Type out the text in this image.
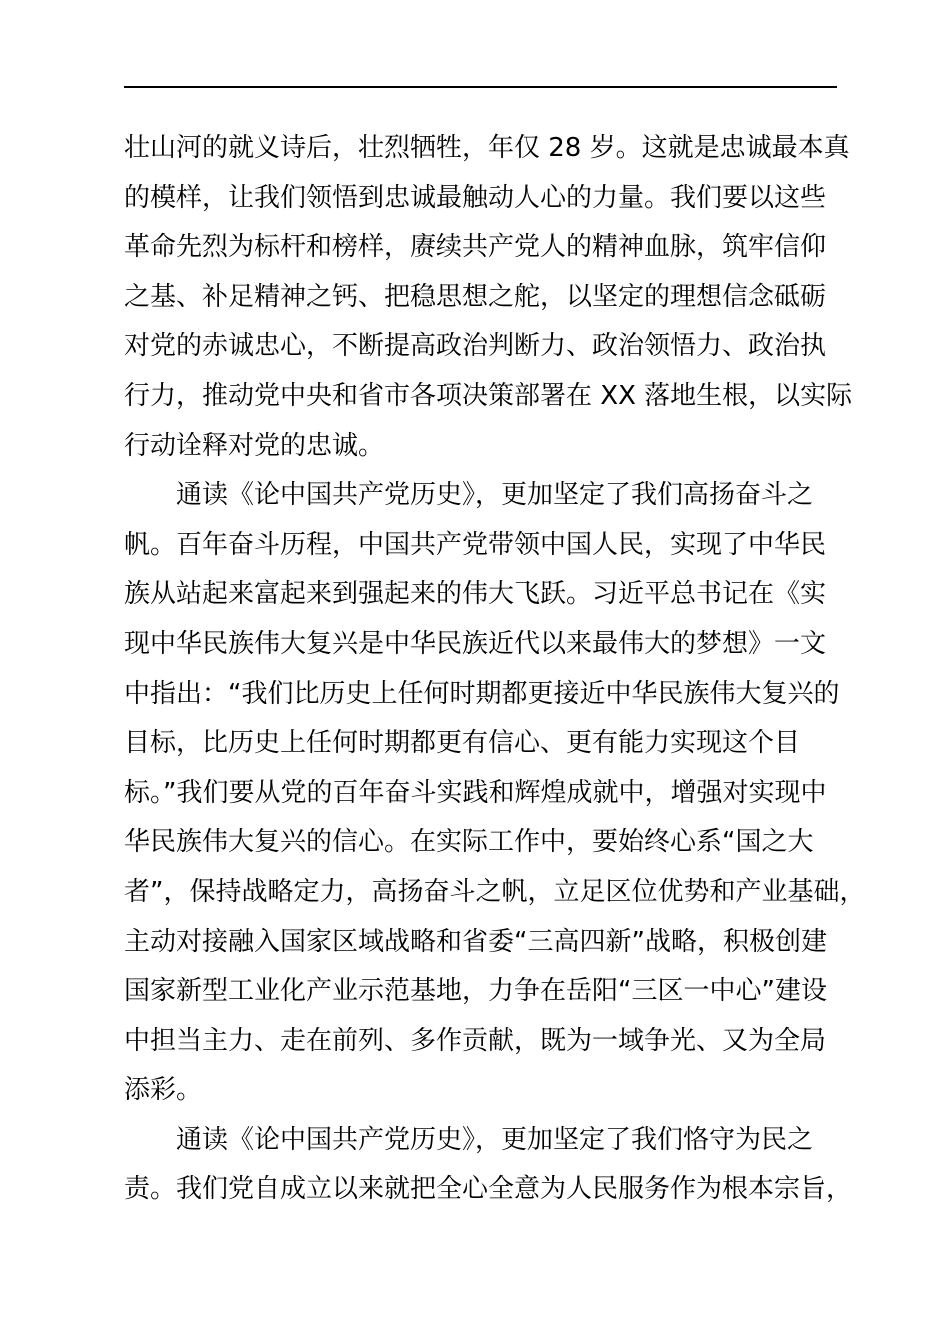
壮山河的就义诗后，壮烈牺牲，年仅 28 岁。这就是忠诚最本真
的模样，让我们领悟到忠诚最触动人心的力量。我们要以这些
革命先烈为标杆和榜样，赓续共产党人的精神血脉，筑牢信仰
之基、补足精神之钙、把稳思想之舵，以坚定的理想信念砥砺
对党的赤诚忠心，不断提高政治判断力、政治领悟力、政治执
行力，推动党中央和省市各项决策部署在 XX 落地生根，以实际
行动诠释对党的忠诚。
　　通读《论中国共产党历史》，更加坚定了我们高扬奋斗之
帆。百年奋斗历程，中国共产党带领中国人民，实现了中华民
族从站起来富起来到强起来的伟大飞跃。习近平总书记在《实
现中华民族伟大复兴是中华民族近代以来最伟大的梦想》一文
中指出：“我们比历史上任何时期都更接近中华民族伟大复兴的
目标，比历史上任何时期都更有信心、更有能力实现这个目
标。”我们要从党的百年奋斗实践和辉煌成就中，增强对实现中
华民族伟大复兴的信心。在实际工作中，要始终心系“国之大
者”，保持战略定力，高扬奋斗之帆，立足区位优势和产业基础，
主动对接融入国家区域战略和省委“三高四新”战略，积极创建
国家新型工业化产业示范基地，力争在岳阳“三区一中心”建设
中担当主力、走在前列、多作贡献，既为一域争光、又为全局
添彩。
　　通读《论中国共产党历史》，更加坚定了我们恪守为民之
责。我们党自成立以来就把全心全意为人民服务作为根本宗旨，
